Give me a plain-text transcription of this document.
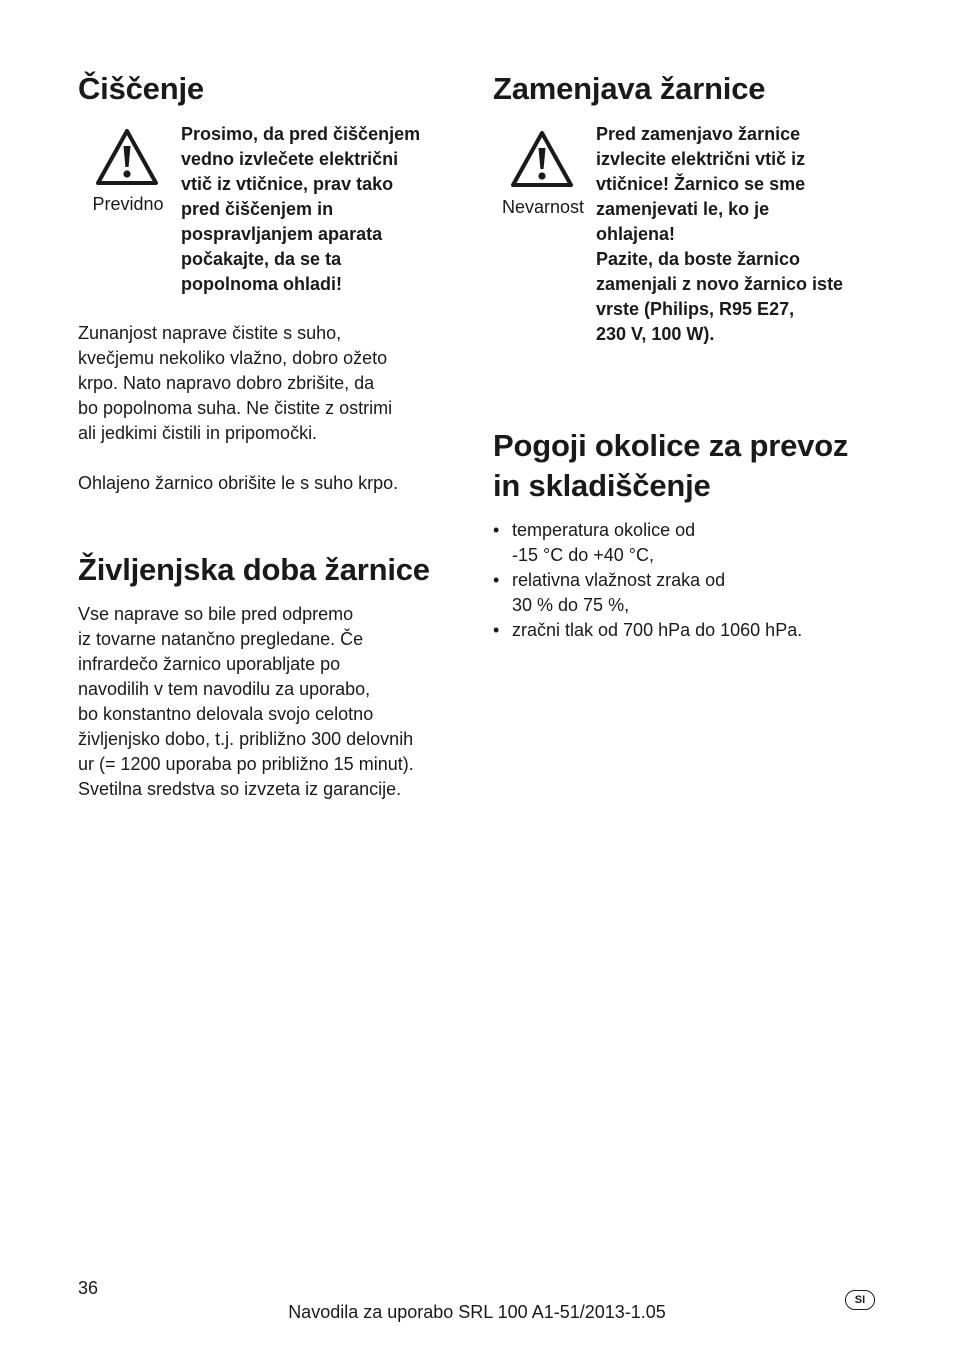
Čiščenje
Previdno
Prosimo, da pred čiščenjem
vedno izvlečete električni
vtič iz vtičnice, prav tako
pred čiščenjem in
pospravljanjem aparata
počakajte, da se ta
popolnoma ohladi!
Zunanjost naprave čistite s suho,
kvečjemu nekoliko vlažno, dobro ožeto
krpo. Nato napravo dobro zbrišite, da
bo popolnoma suha. Ne čistite z ostrimi
ali jedkimi čistili in pripomočki.
Ohlajeno žarnico obrišite le s suho krpo.
Življenjska doba žarnice
Vse naprave so bile pred odpremo
iz tovarne natančno pregledane. Če
infrardečo žarnico uporabljate po
navodilih v tem navodilu za uporabo,
bo konstantno delovala svojo celotno
življenjsko dobo, t.j. približno 300 delovnih
ur (= 1200 uporaba po približno 15 minut).
Svetilna sredstva so izvzeta iz garancije.
Zamenjava žarnice
Nevarnost
Pred zamenjavo žarnice
izvlecite električni vtič iz
vtičnice! Žarnico se sme
zamenjevati le, ko je
ohlajena!
Pazite, da boste žarnico
zamenjali z novo žarnico iste
vrste (Philips, R95 E27,
230 V, 100 W).
Pogoji okolice za prevoz
in skladiščenje
• temperatura okolice od
-15 °C do +40 °C,
• relativna vlažnost zraka od
30 % do 75 %,
• zračni tlak od 700 hPa do 1060 hPa.
36
Navodila za uporabo SRL 100 A1-51/2013-1.05
SI
